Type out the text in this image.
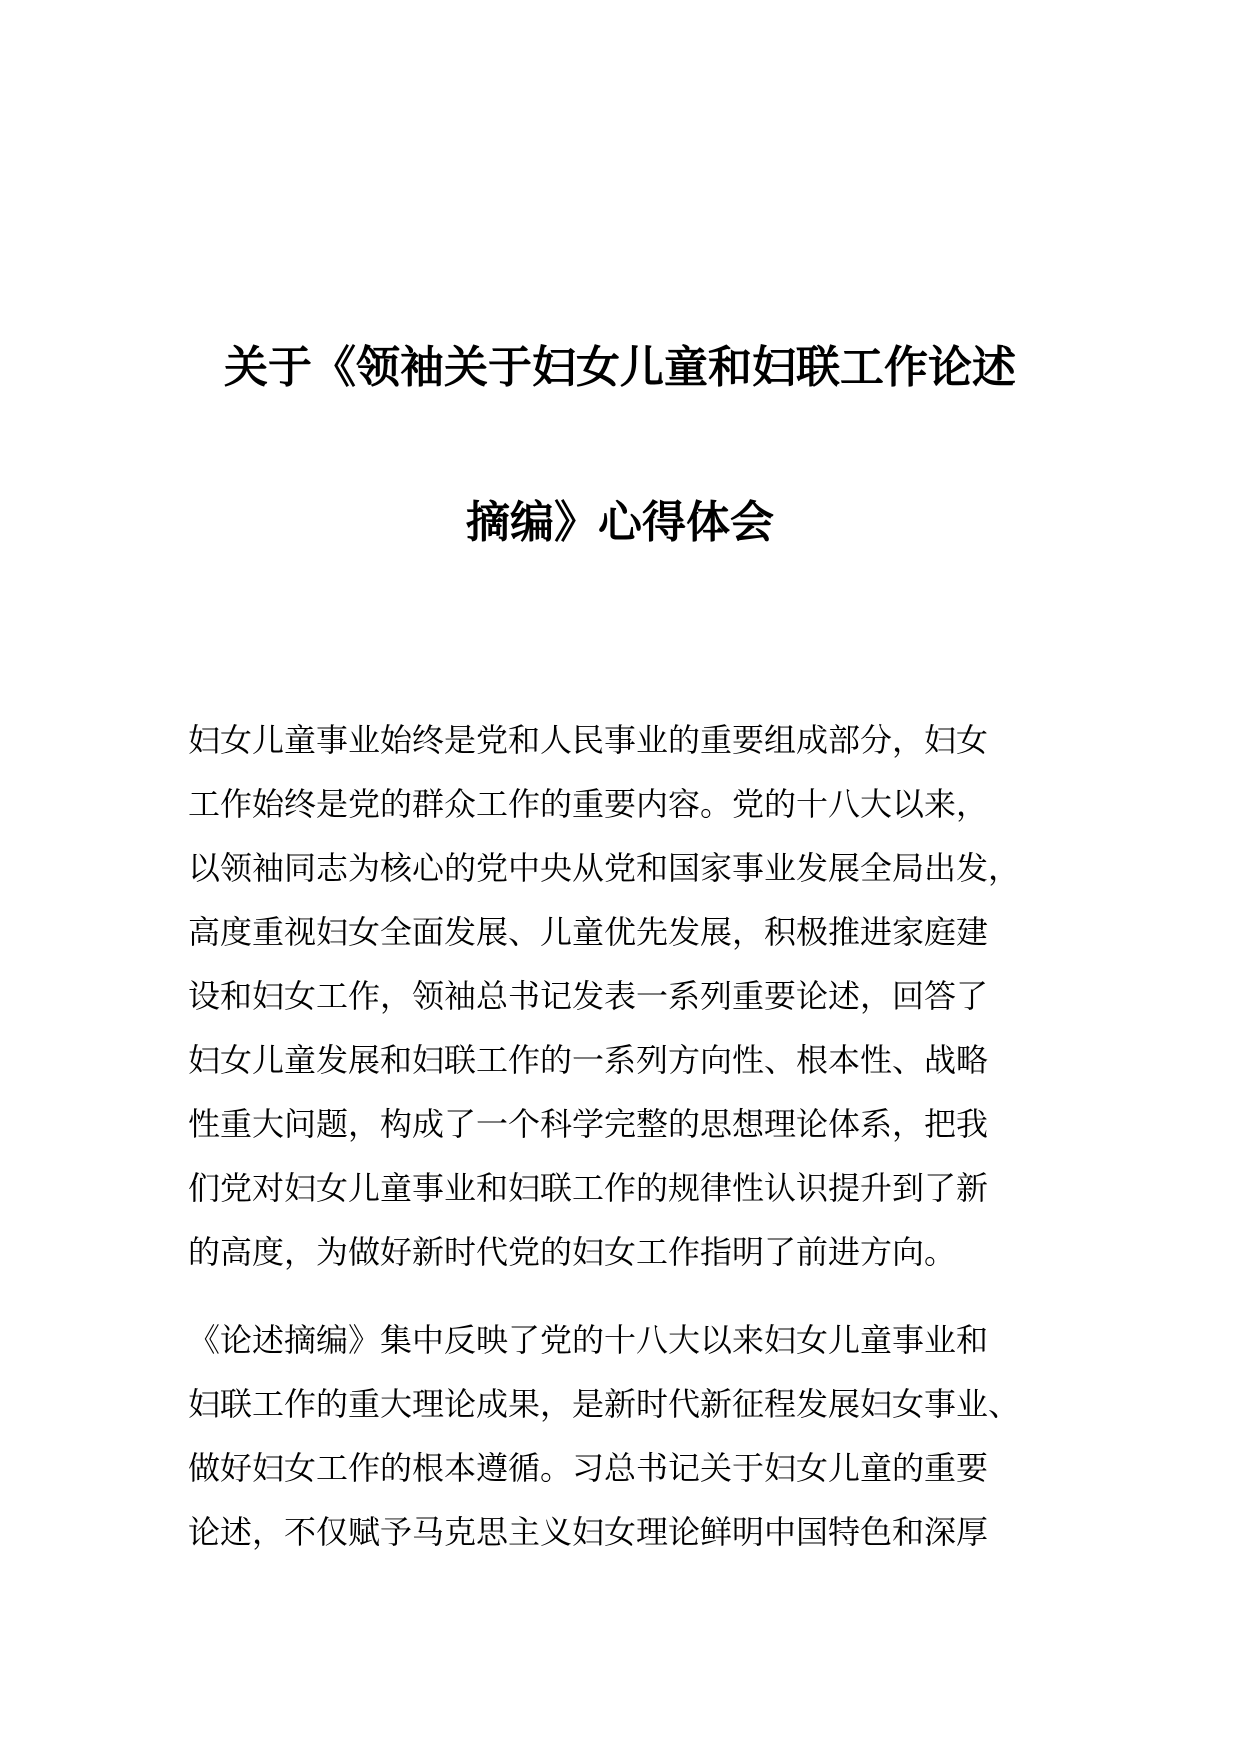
关于《领袖关于妇女儿童和妇联工作论述
摘编》心得体会
妇女儿童事业始终是党和人民事业的重要组成部分，妇女
工作始终是党的群众工作的重要内容。党的十八大以来，
以领袖同志为核心的党中央从党和国家事业发展全局出发，
高度重视妇女全面发展、儿童优先发展，积极推进家庭建
设和妇女工作，领袖总书记发表一系列重要论述，回答了
妇女儿童发展和妇联工作的一系列方向性、根本性、战略
性重大问题，构成了一个科学完整的思想理论体系，把我
们党对妇女儿童事业和妇联工作的规律性认识提升到了新
的高度，为做好新时代党的妇女工作指明了前进方向。
《论述摘编》集中反映了党的十八大以来妇女儿童事业和
妇联工作的重大理论成果，是新时代新征程发展妇女事业、
做好妇女工作的根本遵循。习总书记关于妇女儿童的重要
论述，不仅赋予马克思主义妇女理论鲜明中国特色和深厚
